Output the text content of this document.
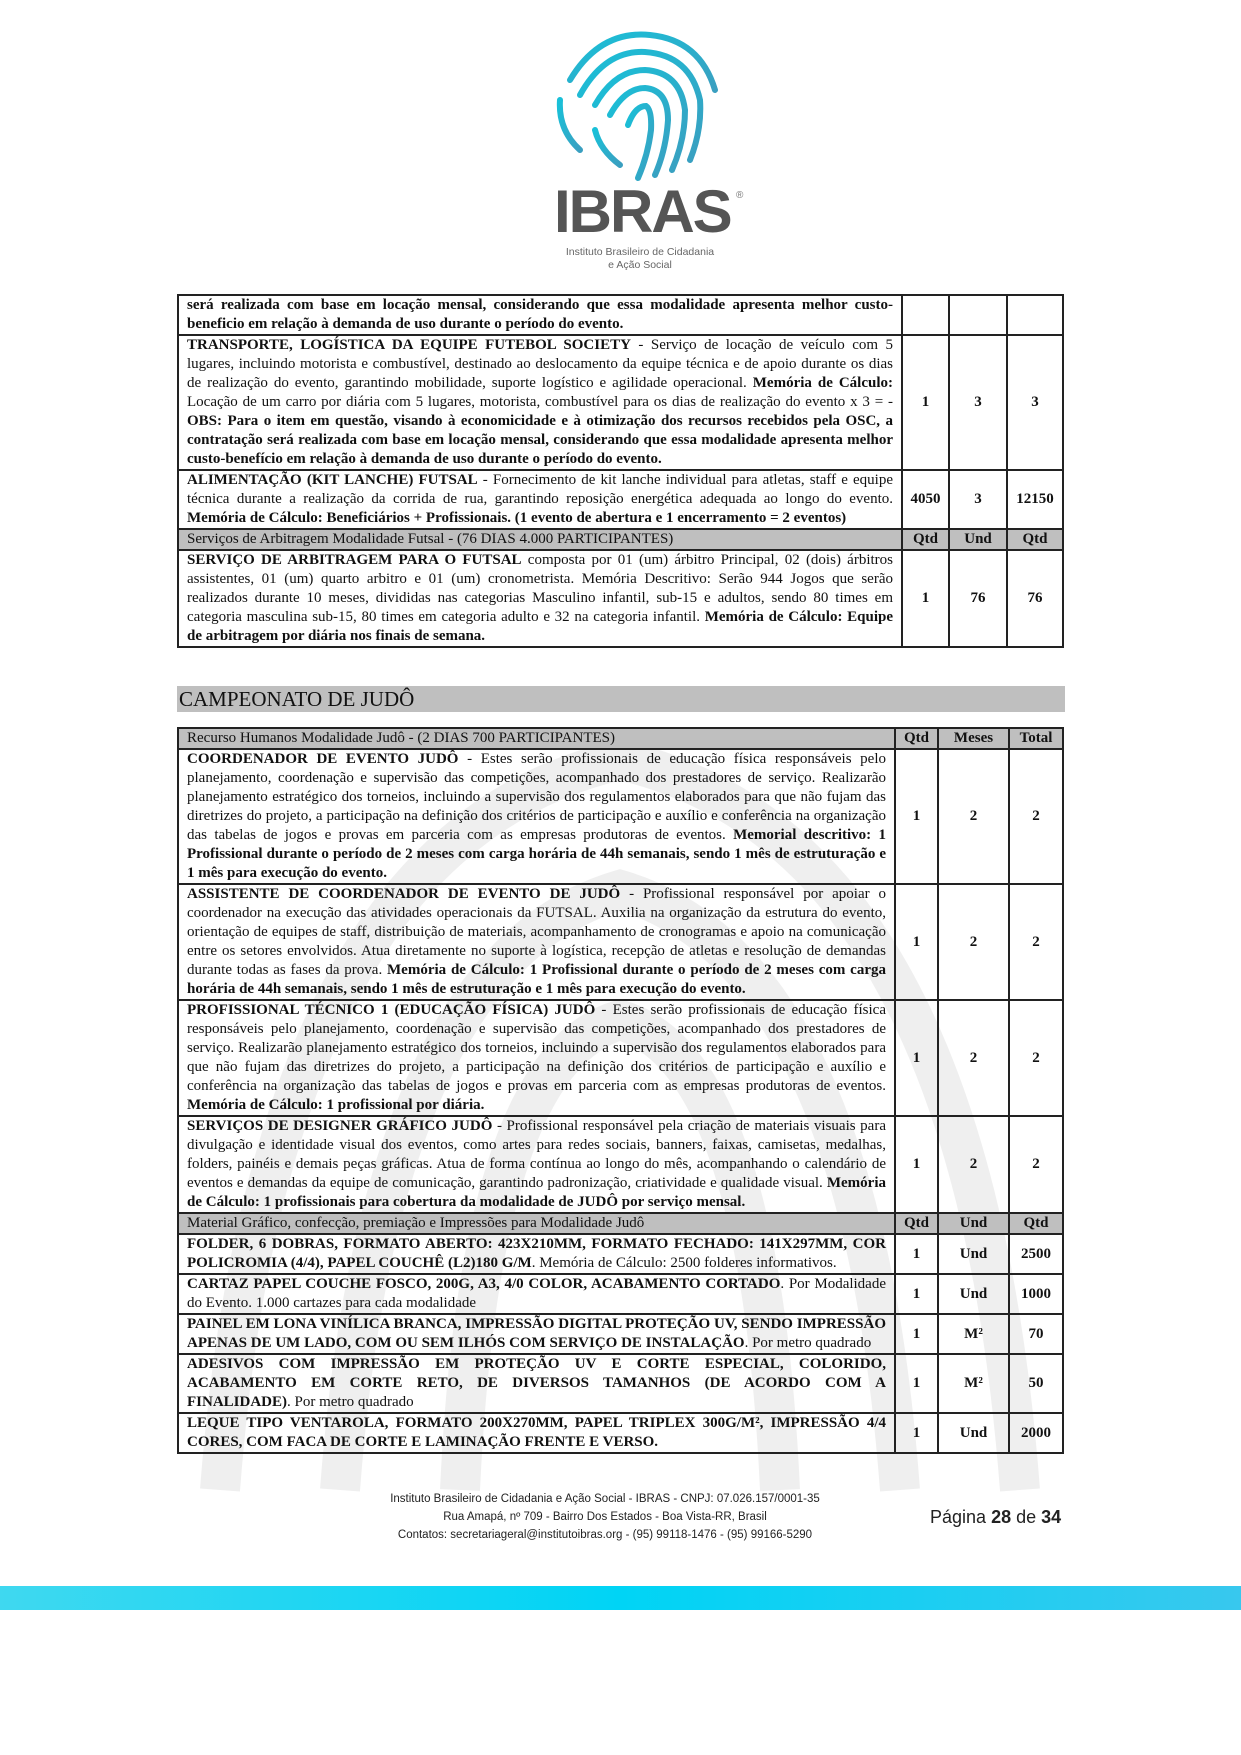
IBRAS ®
Instituto Brasileiro de Cidadania
e Ação Social
será realizada com base em locação mensal, considerando que essa modalidade apresenta melhor custo-beneficio em relação à demanda de uso durante o período do evento.			
TRANSPORTE, LOGÍSTICA DA EQUIPE FUTEBOL SOCIETY - Serviço de locação de veículo com 5 lugares, incluindo motorista e combustível, destinado ao deslocamento da equipe técnica e de apoio durante os dias de realização do evento, garantindo mobilidade, suporte logístico e agilidade operacional. Memória de Cálculo: Locação de um carro por diária com 5 lugares, motorista, combustível para os dias de realização do evento x 3 = - OBS: Para o item em questão, visando à economicidade e à otimização dos recursos recebidos pela OSC, a contratação será realizada com base em locação mensal, considerando que essa modalidade apresenta melhor custo-benefício em relação à demanda de uso durante o período do evento.	1	3	3
ALIMENTAÇÃO (KIT LANCHE) FUTSAL - Fornecimento de kit lanche individual para atletas, staff e equipe técnica durante a realização da corrida de rua, garantindo reposição energética adequada ao longo do evento. Memória de Cálculo: Beneficiários + Profissionais. (1 evento de abertura e 1 encerramento = 2 eventos)	4050	3	12150
Serviços de Arbitragem Modalidade Futsal - (76 DIAS 4.000 PARTICIPANTES)	Qtd	Und	Qtd
SERVIÇO DE ARBITRAGEM PARA O FUTSAL composta por 01 (um) árbitro Principal, 02 (dois) árbitros assistentes, 01 (um) quarto arbitro e 01 (um) cronometrista. Memória Descritivo: Serão 944 Jogos que serão realizados durante 10 meses, divididas nas categorias Masculino infantil, sub-15 e adultos, sendo 80 times em categoria masculina sub-15, 80 times em categoria adulto e 32 na categoria infantil. Memória de Cálculo: Equipe de arbitragem por diária nos finais de semana.	1	76	76
CAMPEONATO DE JUDÔ
Recurso Humanos Modalidade Judô - (2 DIAS 700 PARTICIPANTES)	Qtd	Meses	Total
COORDENADOR DE EVENTO JUDÔ - Estes serão profissionais de educação física responsáveis pelo planejamento, coordenação e supervisão das competições, acompanhado dos prestadores de serviço. Realizarão planejamento estratégico dos torneios, incluindo a supervisão dos regulamentos elaborados para que não fujam das diretrizes do projeto, a participação na definição dos critérios de participação e auxílio e conferência na organização das tabelas de jogos e provas em parceria com as empresas produtoras de eventos. Memorial descritivo: 1 Profissional durante o período de 2 meses com carga horária de 44h semanais, sendo 1 mês de estruturação e 1 mês para execução do evento.	1	2	2
ASSISTENTE DE COORDENADOR DE EVENTO DE JUDÔ - Profissional responsável por apoiar o coordenador na execução das atividades operacionais da FUTSAL. Auxilia na organização da estrutura do evento, orientação de equipes de staff, distribuição de materiais, acompanhamento de cronogramas e apoio na comunicação entre os setores envolvidos. Atua diretamente no suporte à logística, recepção de atletas e resolução de demandas durante todas as fases da prova. Memória de Cálculo: 1 Profissional durante o período de 2 meses com carga horária de 44h semanais, sendo 1 mês de estruturação e 1 mês para execução do evento.	1	2	2
PROFISSIONAL TÉCNICO 1 (EDUCAÇÃO FÍSICA) JUDÔ - Estes serão profissionais de educação física responsáveis pelo planejamento, coordenação e supervisão das competições, acompanhado dos prestadores de serviço. Realizarão planejamento estratégico dos torneios, incluindo a supervisão dos regulamentos elaborados para que não fujam das diretrizes do projeto, a participação na definição dos critérios de participação e auxílio e conferência na organização das tabelas de jogos e provas em parceria com as empresas produtoras de eventos. Memória de Cálculo: 1 profissional por diária.	1	2	2
SERVIÇOS DE DESIGNER GRÁFICO JUDÔ - Profissional responsável pela criação de materiais visuais para divulgação e identidade visual dos eventos, como artes para redes sociais, banners, faixas, camisetas, medalhas, folders, painéis e demais peças gráficas. Atua de forma contínua ao longo do mês, acompanhando o calendário de eventos e demandas da equipe de comunicação, garantindo padronização, criatividade e qualidade visual. Memória de Cálculo: 1 profissionais para cobertura da modalidade de JUDÔ por serviço mensal.	1	2	2
Material Gráfico, confecção, premiação e Impressões para Modalidade Judô	Qtd	Und	Qtd
FOLDER, 6 DOBRAS, FORMATO ABERTO: 423X210MM, FORMATO FECHADO: 141X297MM, COR POLICROMIA (4/4), PAPEL COUCHÊ (L2)180 G/M. Memória de Cálculo: 2500 folderes informativos.	1	Und	2500
CARTAZ PAPEL COUCHE FOSCO, 200G, A3, 4/0 COLOR, ACABAMENTO CORTADO. Por Modalidade do Evento. 1.000 cartazes para cada modalidade	1	Und	1000
PAINEL EM LONA VINÍLICA BRANCA, IMPRESSÃO DIGITAL PROTEÇÃO UV, SENDO IMPRESSÃO APENAS DE UM LADO, COM OU SEM ILHÓS COM SERVIÇO DE INSTALAÇÃO. Por metro quadrado	1	M²	70
ADESIVOS COM IMPRESSÃO EM PROTEÇÃO UV E CORTE ESPECIAL, COLORIDO, ACABAMENTO EM CORTE RETO, DE DIVERSOS TAMANHOS (DE ACORDO COM A FINALIDADE). Por metro quadrado	1	M²	50
LEQUE TIPO VENTAROLA, FORMATO 200X270MM, PAPEL TRIPLEX 300G/M², IMPRESSÃO 4/4 CORES, COM FACA DE CORTE E LAMINAÇÃO FRENTE E VERSO.	1	Und	2000
Instituto Brasileiro de Cidadania e Ação Social - IBRAS - CNPJ: 07.026.157/0001-35
Rua Amapá, nº 709 - Bairro Dos Estados - Boa Vista-RR, Brasil
Contatos: secretariageral@institutoibras.org - (95) 99118-1476 - (95) 99166-5290
Página 28 de 34
